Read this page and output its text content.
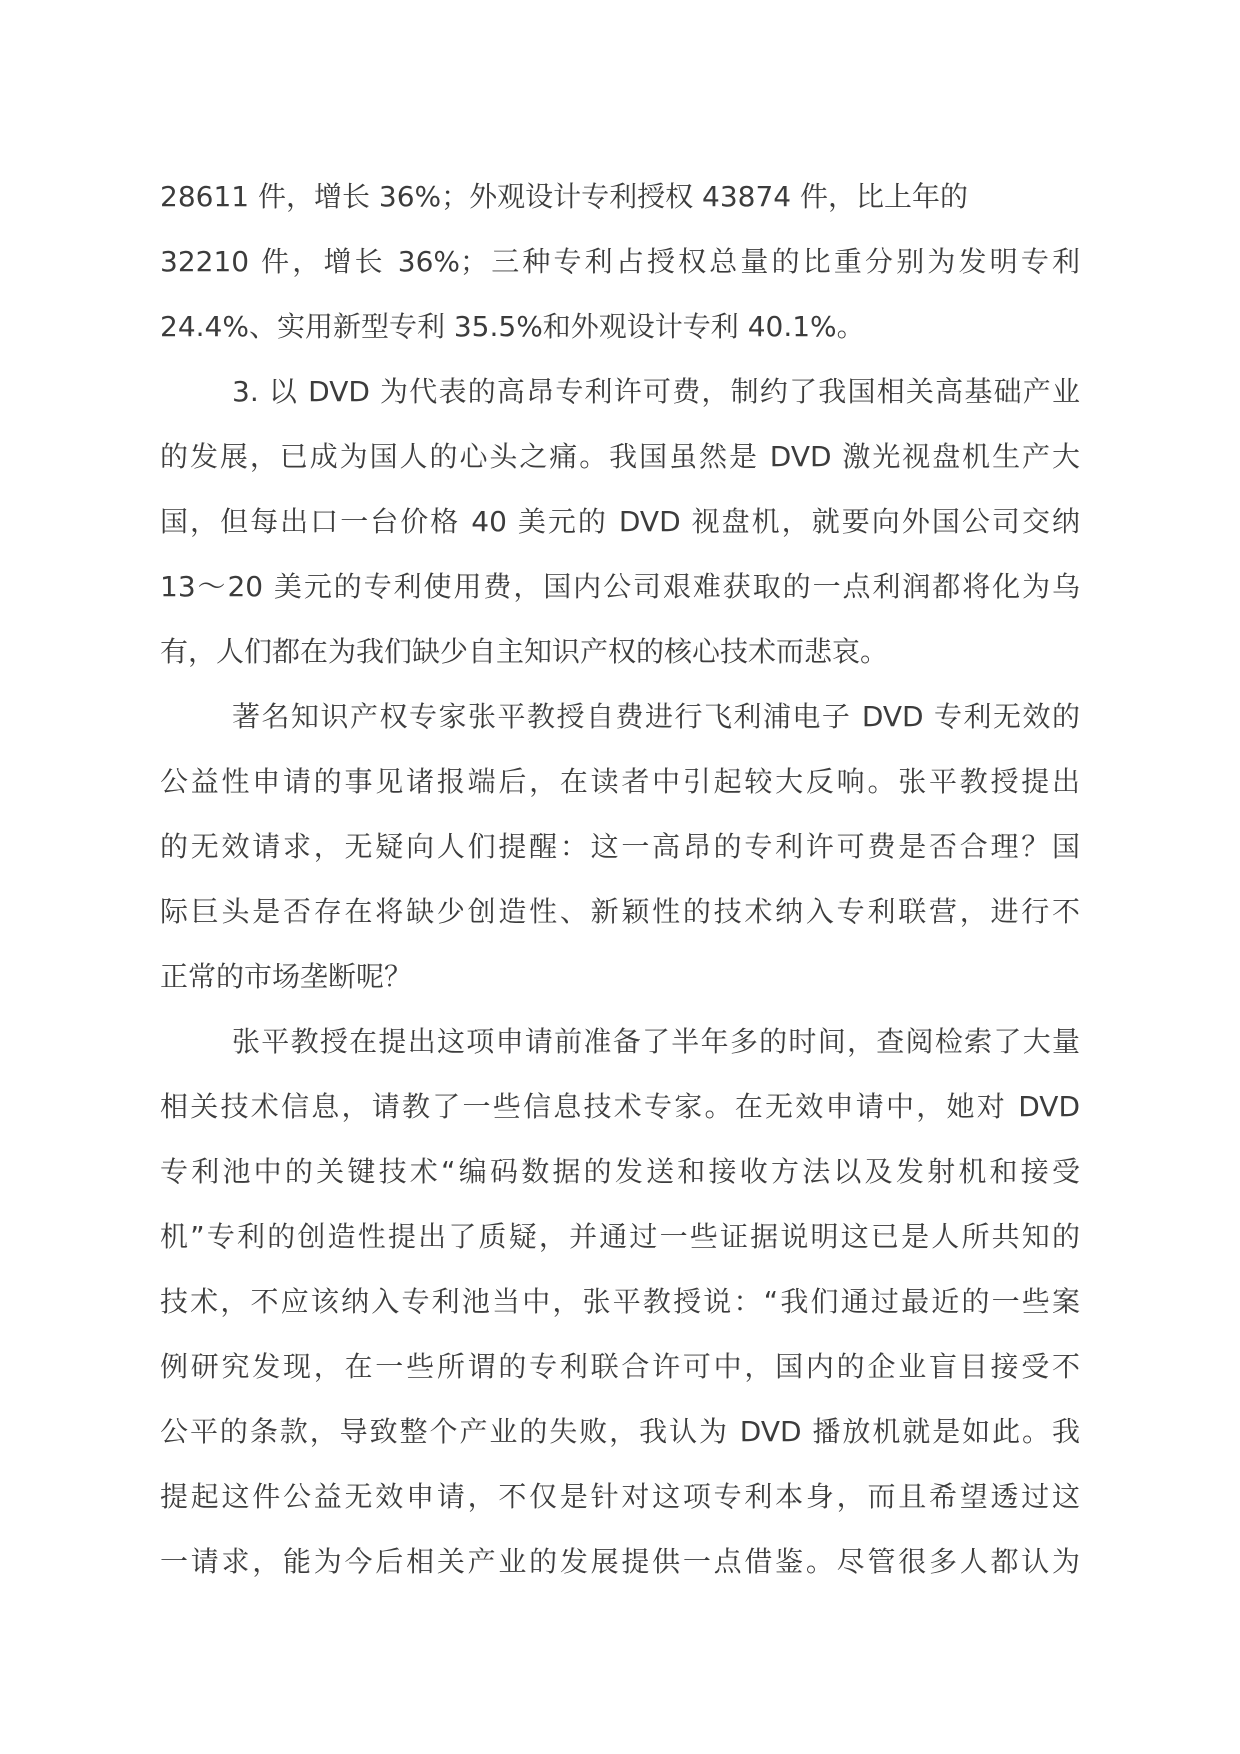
28611 件，增长 36%；外观设计专利授权 43874 件，比上年的
32210 件，增长 36%；三种专利占授权总量的比重分别为发明专利
24.4%、实用新型专利 35.5%和外观设计专利 40.1%。
3. 以 DVD 为代表的高昂专利许可费，制约了我国相关高基础产业
的发展，已成为国人的心头之痛。我国虽然是 DVD 激光视盘机生产大
国，但每出口一台价格 40 美元的 DVD 视盘机，就要向外国公司交纳
13～20 美元的专利使用费，国内公司艰难获取的一点利润都将化为乌
有，人们都在为我们缺少自主知识产权的核心技术而悲哀。
著名知识产权专家张平教授自费进行飞利浦电子 DVD 专利无效的
公益性申请的事见诸报端后，在读者中引起较大反响。张平教授提出
的无效请求，无疑向人们提醒：这一高昂的专利许可费是否合理？国
际巨头是否存在将缺少创造性、新颖性的技术纳入专利联营，进行不
正常的市场垄断呢？
张平教授在提出这项申请前准备了半年多的时间，查阅检索了大量
相关技术信息，请教了一些信息技术专家。在无效申请中，她对 DVD
专利池中的关键技术“编码数据的发送和接收方法以及发射机和接受
机”专利的创造性提出了质疑，并通过一些证据说明这已是人所共知的
技术，不应该纳入专利池当中，张平教授说：“我们通过最近的一些案
例研究发现，在一些所谓的专利联合许可中，国内的企业盲目接受不
公平的条款，导致整个产业的失败，我认为 DVD 播放机就是如此。我
提起这件公益无效申请，不仅是针对这项专利本身，而且希望透过这
一请求，能为今后相关产业的发展提供一点借鉴。尽管很多人都认为
